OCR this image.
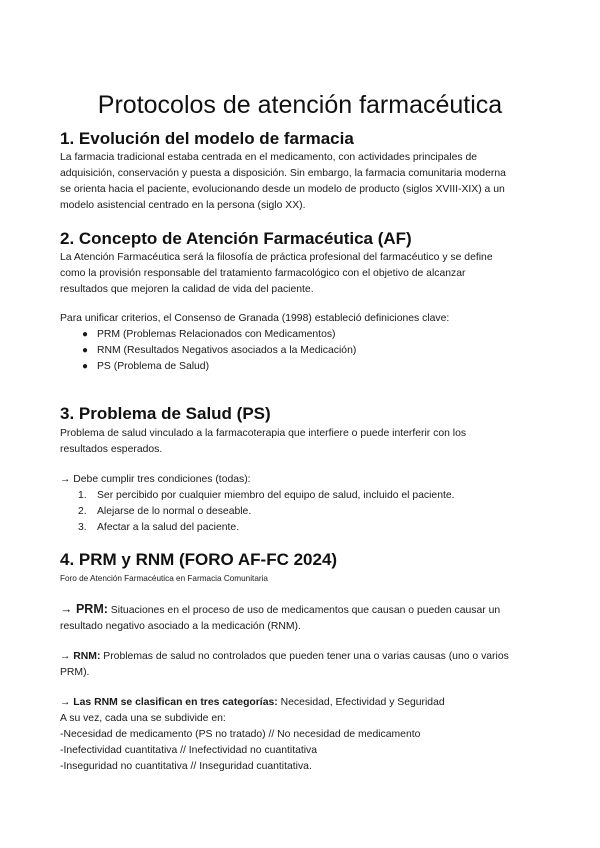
Protocolos de atención farmacéutica
1. Evolución del modelo de farmacia

La farmacia tradicional estaba centrada en el medicamento, con actividades principales de
adquisición, conservación y puesta a disposición. Sin embargo, la farmacia comunitaria moderna
se orienta hacia el paciente, evolucionando desde un modelo de producto (siglos XVIII-XIX) a un
modelo asistencial centrado en la persona (siglo XX).

2. Concepto de Atención Farmacéutica (AF)

La Atención Farmacéutica será la filosofía de práctica profesional del farmacéutico y se define
como la provisión responsable del tratamiento farmacológico con el objetivo de alcanzar
resultados que mejoren la calidad de vida del paciente.

Para unificar criterios, el Consenso de Granada (1998) estableció definiciones clave:

● PRM (Problemas Relacionados con Medicamentos)
● RNM (Resultados Negativos asociados a la Medicación)
● PS (Problema de Salud)
3. Problema de Salud (PS)

Problema de salud vinculado a la farmacoterapia que interfiere o puede interferir con los
resultados esperados.

→ Debe cumplir tres condiciones (todas):

1. Ser percibido por cualquier miembro del equipo de salud, incluido el paciente.
2. Alejarse de lo normal o deseable.
3. Afectar a la salud del paciente.
4. PRM y RNM (FORO AF-FC 2024)

Foro de Atención Farmacéutica en Farmacia Comunitaria

→ PRM: Situaciones en el proceso de uso de medicamentos que causan o pueden causar un
resultado negativo asociado a la medicación (RNM).

→ RNM: Problemas de salud no controlados que pueden tener una o varias causas (uno o varios
PRM).

→ Las RNM se clasifican en tres categorías: Necesidad, Efectividad y Seguridad
A su vez, cada una se subdivide en:
-Necesidad de medicamento (PS no tratado) // No necesidad de medicamento
-Inefectividad cuantitativa // Inefectividad no cuantitativa
-Inseguridad no cuantitativa // Inseguridad cuantitativa.
